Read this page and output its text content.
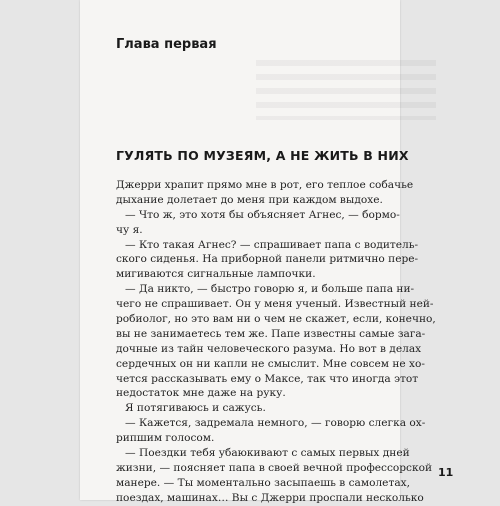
Глава первая
ГУЛЯТЬ ПО МУЗЕЯМ, А НЕ ЖИТЬ В НИХ
Джерри храпит прямо мне в рот, его теплое собачье
дыхание долетает до меня при каждом выдохе.
— Что ж, это хотя бы объясняет Агнес, — бормо-
чу я.
— Кто такая Агнес? — спрашивает папа с водитель-
ского сиденья. На приборной панели ритмично пере-
мигиваются сигнальные лампочки.
— Да никто, — быстро говорю я, и больше папа ни-
чего не спрашивает. Он у меня ученый. Известный ней-
робиолог, но это вам ни о чем не скажет, если, конечно,
вы не занимаетесь тем же. Папе известны самые зага-
дочные из тайн человеческого разума. Но вот в делах
сердечных он ни капли не смыслит. Мне совсем не хо-
чется рассказывать ему о Максе, так что иногда этот
недостаток мне даже на руку.
Я потягиваюсь и сажусь.
— Кажется, задремала немного, — говорю слегка ох-
рипшим голосом.
— Поездки тебя убаюкивают с самых первых дней
жизни, — поясняет папа в своей вечной профессорской
манере. — Ты моментально засыпаешь в самолетах,
поездах, машинах… Вы с Джерри проспали несколько
11
